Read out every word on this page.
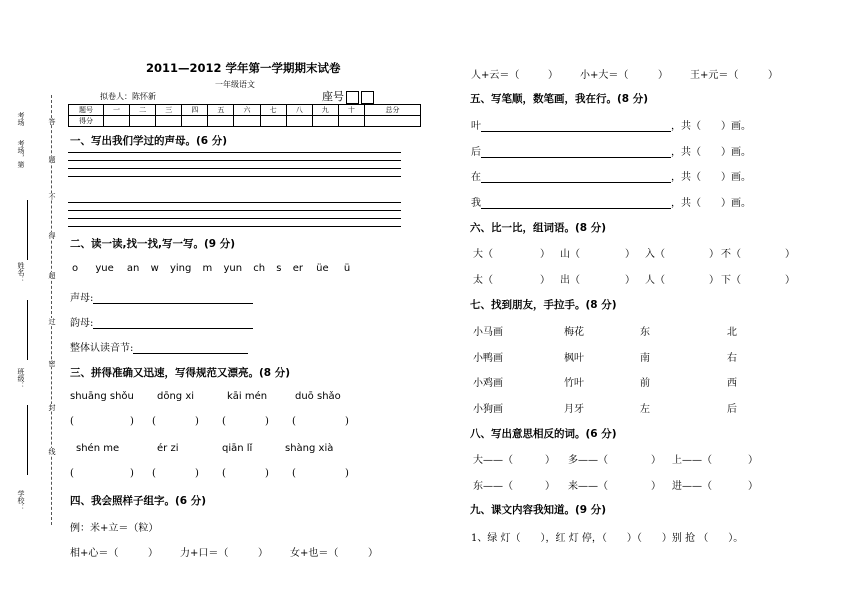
考场
考场，第
姓名：
班级：
学校：
答
题
不
得
超
过
密
封
线
2011—2012 学年第一学期期末试卷
一年级语文
拟卷人：陈怀新	座号
题号	一	二	三	四	五	六	七	八	九	十	总分
得分											
一、写出我们学过的声母。(6 分)
二、读一读,找一找,写一写。(9 分)
o yue an w ying m yun ch s er üe ü
声母:
韵母:
整体认读音节:
三、拼得准确又迅速，写得规范又漂亮。(8 分)
shuāng shǒu dōng xi	kāi mén	duō shǎo
(	) (	) (	) (	)
shén me	ér zi	qiān lǐ	shàng xià
(	) (	) (	) (	)
四、我会照样子组字。(6 分)
例：米+立＝（粒）
相+心＝（	） 力+口＝（	） 女+也＝（	）
人+云＝（	） 小+大＝（	） 王+元＝（	）
五、写笔顺，数笔画，我在行。(8 分)
叶	，共（ ）画。
后	，共（ ）画。
在	，共（ ）画。
我	，共（ ）画。
六、比一比，组词语。(8 分)
大（	） 山（	） 入（	） 不（	）
太（	） 出（	） 人（	） 下（	）
七、找到朋友，手拉手。(8 分)
小马画	梅花	东	北
小鸭画	枫叶	南	右
小鸡画	竹叶	前	西
小狗画	月牙	左	后
八、写出意思相反的词。(6 分)
大——（	） 多——（	） 上——（	）
东——（	） 来——（	） 进——（	）
九、课文内容我知道。(9 分)
1、绿 灯（　　），红 灯 停，（　　）（　　）别 抢 （　　）。
